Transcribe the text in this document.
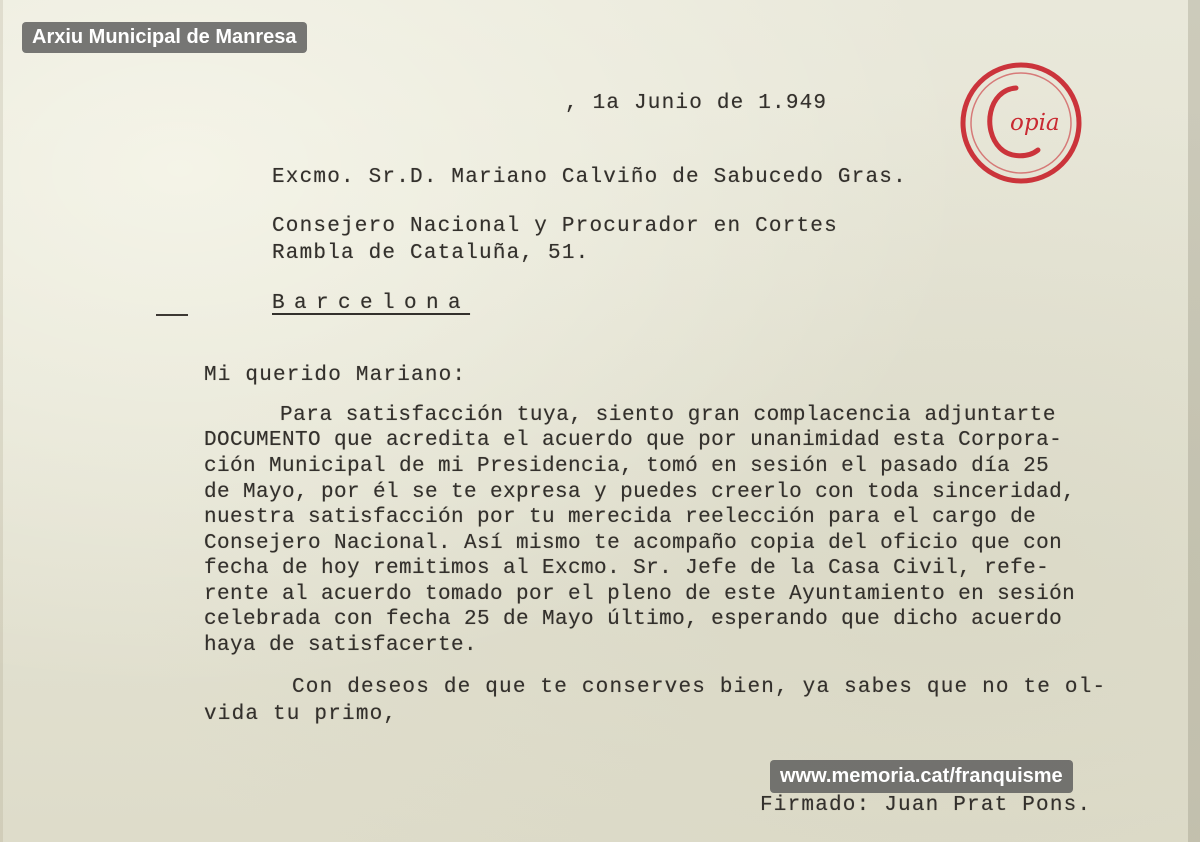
opia
, 1a Junio de 1.949
Excmo. Sr.D. Mariano Calviño de Sabucedo Gras.
Consejero Nacional y Procurador en Cortes
Rambla de Cataluña, 51.
Barcelona
Mi querido Mariano:
Para satisfacción tuya, siento gran complacencia adjuntarte
DOCUMENTO que acredita el acuerdo que por unanimidad esta Corpora-
ción Municipal de mi Presidencia, tomó en sesión el pasado día 25
de Mayo, por él se te expresa y puedes creerlo con toda sinceridad,
nuestra satisfacción por tu merecida reelección para el cargo de
Consejero Nacional. Así mismo te acompaño copia del oficio que con
fecha de hoy remitimos al Excmo. Sr. Jefe de la Casa Civil, refe-
rente al acuerdo tomado por el pleno de este Ayuntamiento en sesión
celebrada con fecha 25 de Mayo último, esperando que dicho acuerdo
haya de satisfacerte.
Con deseos de que te conserves bien, ya sabes que no te ol-
vida tu primo,
Firmado: Juan Prat Pons.
Arxiu Municipal de Manresa
www.memoria.cat/franquisme
